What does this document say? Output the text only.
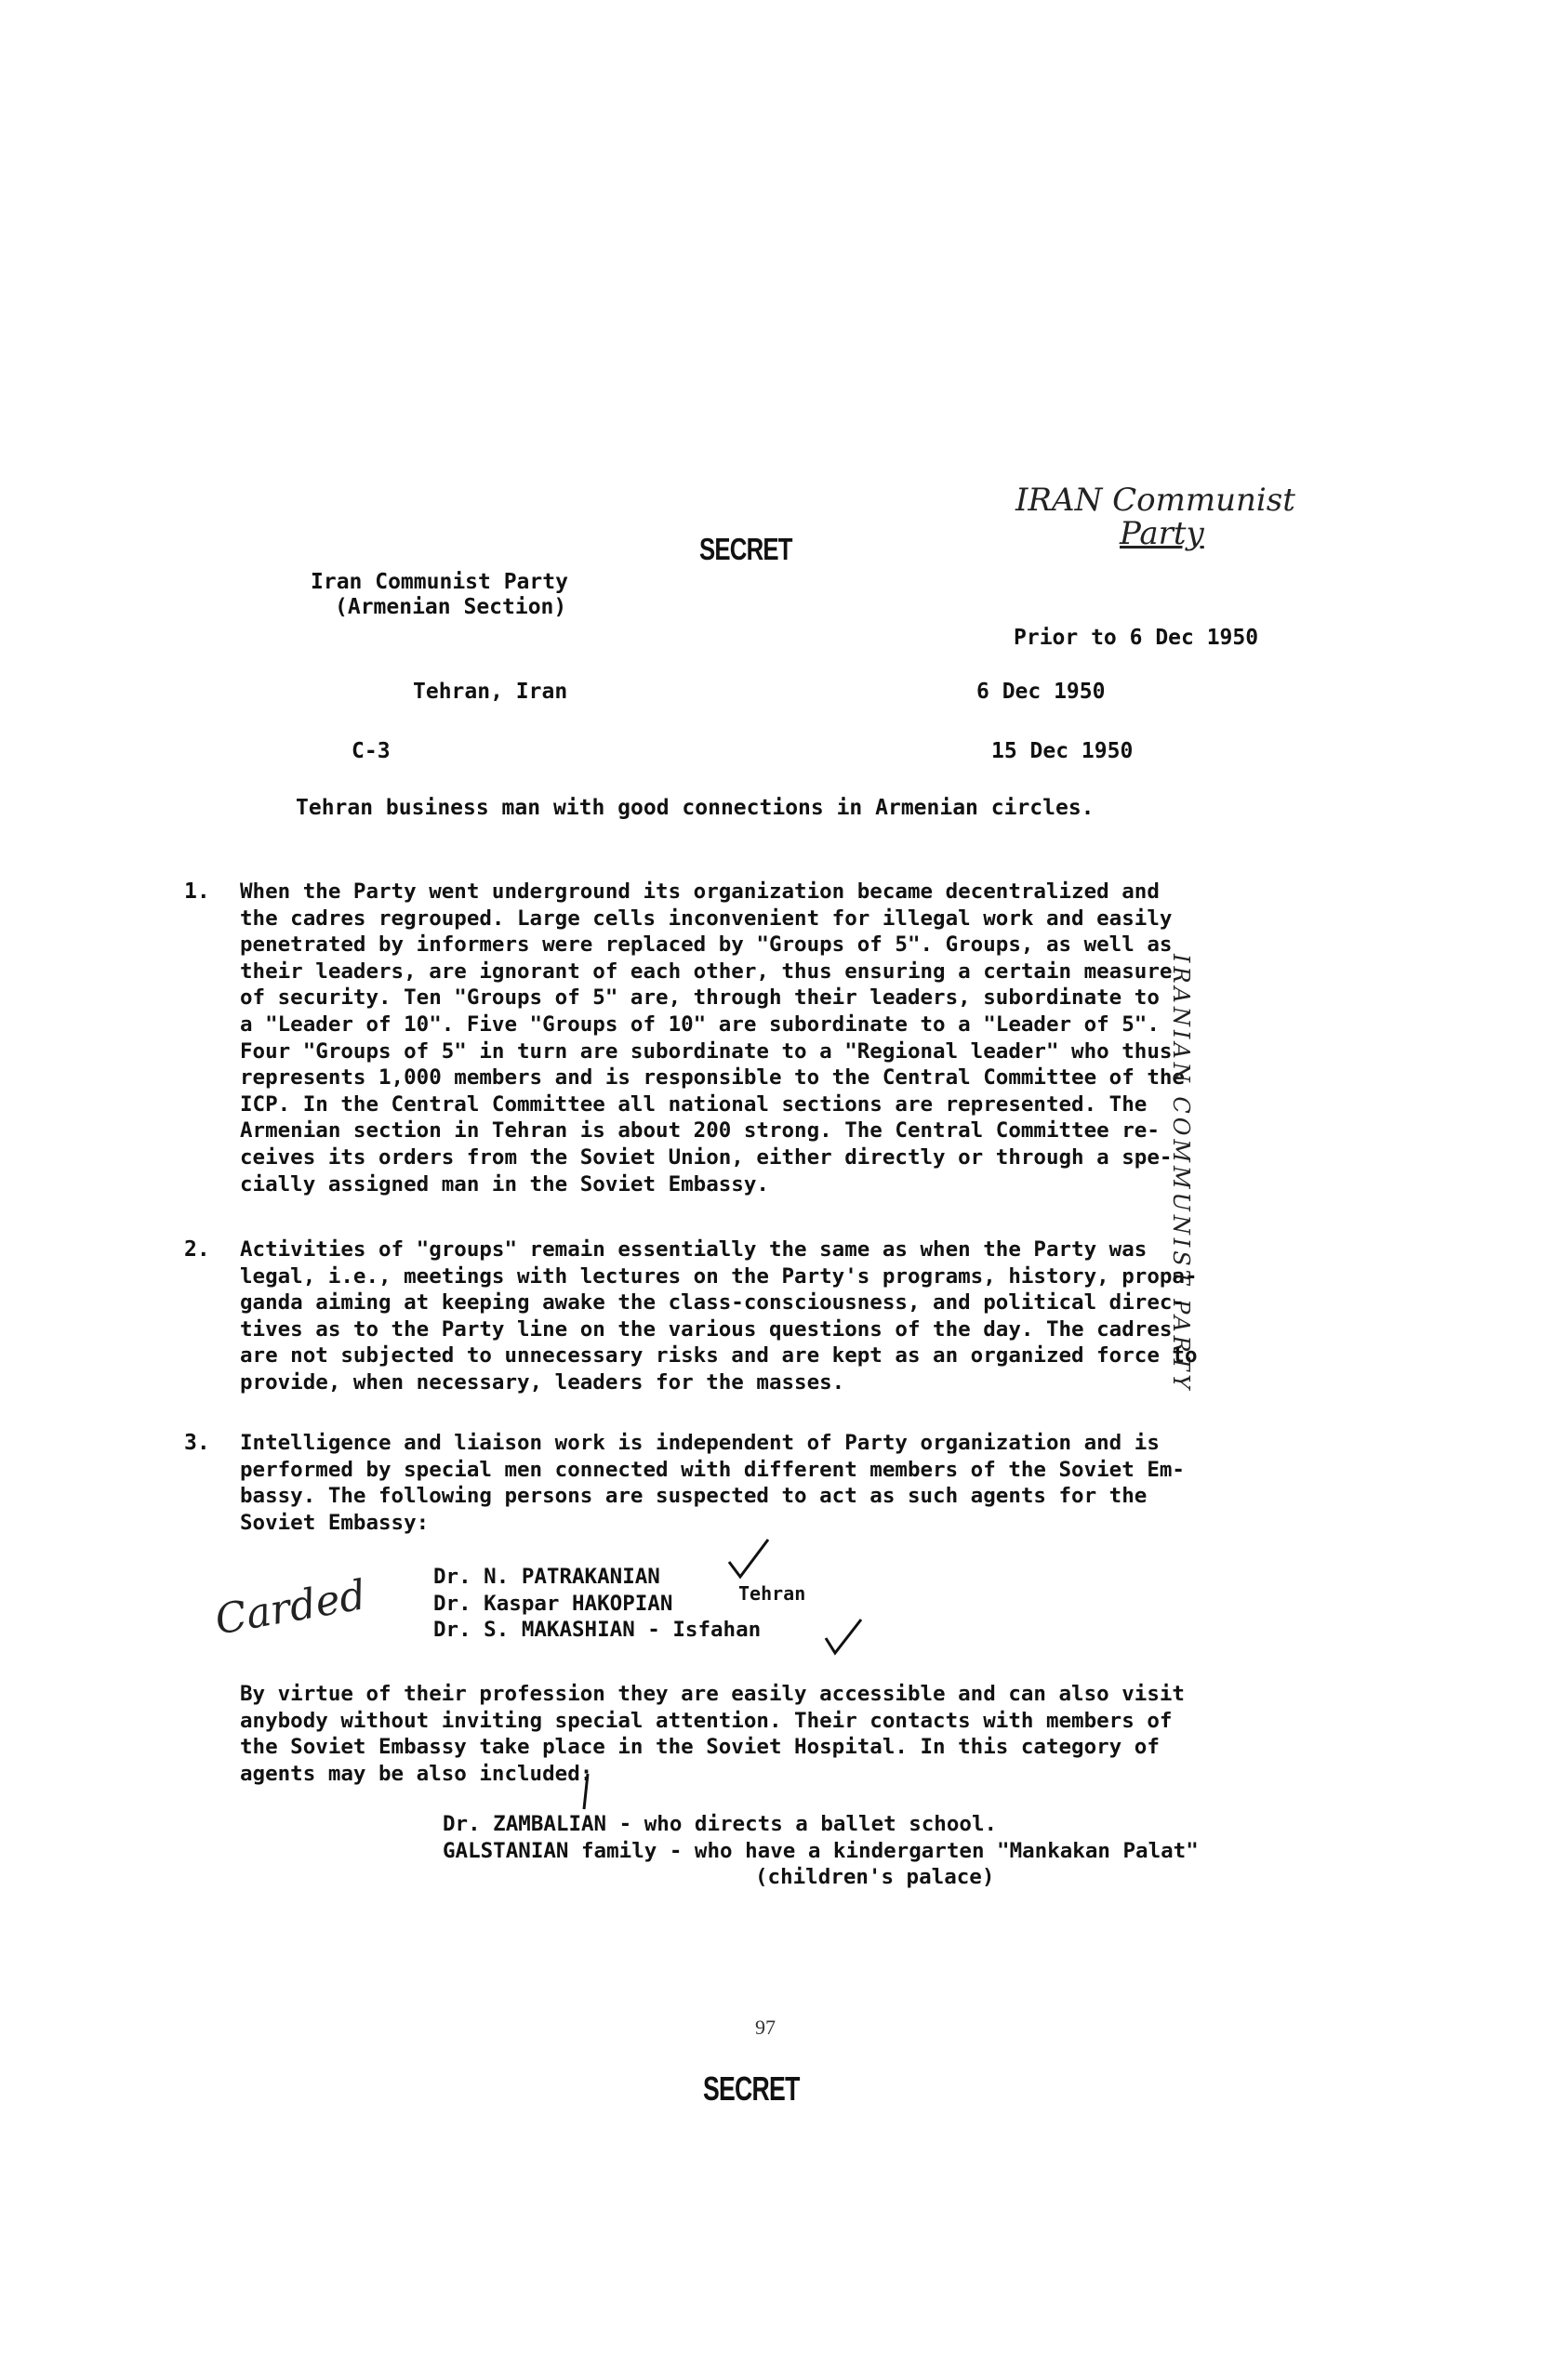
SECRET
IRAN Communist
Party
Iran Communist Party
(Armenian Section)
Prior to 6 Dec 1950
Tehran, Iran	6 Dec 1950
C-3	15 Dec 1950
Tehran business man with good connections in Armenian circles.
1. When the Party went underground its organization became decentralized and
the cadres regrouped. Large cells inconvenient for illegal work and easily
penetrated by informers were replaced by "Groups of 5". Groups, as well as
their leaders, are ignorant of each other, thus ensuring a certain measure
of security. Ten "Groups of 5" are, through their leaders, subordinate to
a "Leader of 10". Five "Groups of 10" are subordinate to a "Leader of 5".
Four "Groups of 5" in turn are subordinate to a "Regional leader" who thus
represents 1,000 members and is responsible to the Central Committee of the
ICP. In the Central Committee all national sections are represented. The
Armenian section in Tehran is about 200 strong. The Central Committee re-
ceives its orders from the Soviet Union, either directly or through a spe-
cially assigned man in the Soviet Embassy.	IRANIAN COMMUNIST PARTY
2. Activities of "groups" remain essentially the same as when the Party was
legal, i.e., meetings with lectures on the Party's programs, history, propa-
ganda aiming at keeping awake the class-consciousness, and political direc-
tives as to the Party line on the various questions of the day. The cadres
are not subjected to unnecessary risks and are kept as an organized force to
provide, when necessary, leaders for the masses.
3. Intelligence and liaison work is independent of Party organization and is
performed by special men connected with different members of the Soviet Em-
bassy. The following persons are suspected to act as such agents for the
Soviet Embassy:
Dr. N. PATRAKANIAN
Dr. Kaspar HAKOPIAN
Dr. S. MAKASHIAN - Isfahan
Tehran
Carded
By virtue of their profession they are easily accessible and can also visit
anybody without inviting special attention. Their contacts with members of
the Soviet Embassy take place in the Soviet Hospital. In this category of
agents may be also included:
Dr. ZAMBALIAN - who directs a ballet school.
GALSTANIAN family - who have a kindergarten "Mankakan Palat"
(children's palace)
97
SECRET
